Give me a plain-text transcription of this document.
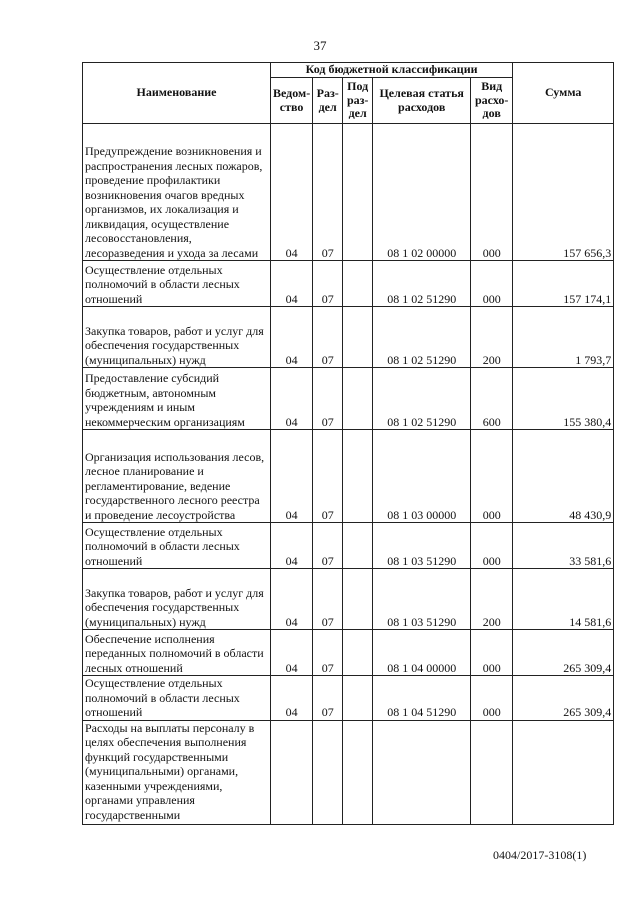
37
Наименование	Код бюджетной классификации					Сумма
	Ведом-ство	Раз-дел	Под раз-дел	Целевая статья расходов	Вид расхо-дов	
Предупреждение возникновения и распространения лесных пожаров, проведение профилактики возникновения очагов вредных организмов, их локализация и ликвидация, осуществление лесовосстановления, лесоразведения и ухода за лесами	04	07		08 1 02 00000	000	157 656,3
Осуществление отдельных полномочий в области лесных отношений	04	07		08 1 02 51290	000	157 174,1
Закупка товаров, работ и услуг для обеспечения государственных (муниципальных) нужд	04	07		08 1 02 51290	200	1 793,7
Предоставление субсидий бюджетным, автономным учреждениям и иным некоммерческим организациям	04	07		08 1 02 51290	600	155 380,4
Организация использования лесов, лесное планирование и регламентирование, ведение государственного лесного реестра и проведение лесоустройства	04	07		08 1 03 00000	000	48 430,9
Осуществление отдельных полномочий в области лесных отношений	04	07		08 1 03 51290	000	33 581,6
Закупка товаров, работ и услуг для обеспечения государственных (муниципальных) нужд	04	07		08 1 03 51290	200	14 581,6
Обеспечение исполнения переданных полномочий в области лесных отношений	04	07		08 1 04 00000	000	265 309,4
Осуществление отдельных полномочий в области лесных отношений	04	07		08 1 04 51290	000	265 309,4
Расходы на выплаты персоналу в целях обеспечения выполнения функций государственными (муниципальными) органами, казенными учреждениями, органами управления государственными						
0404/2017-3108(1)
